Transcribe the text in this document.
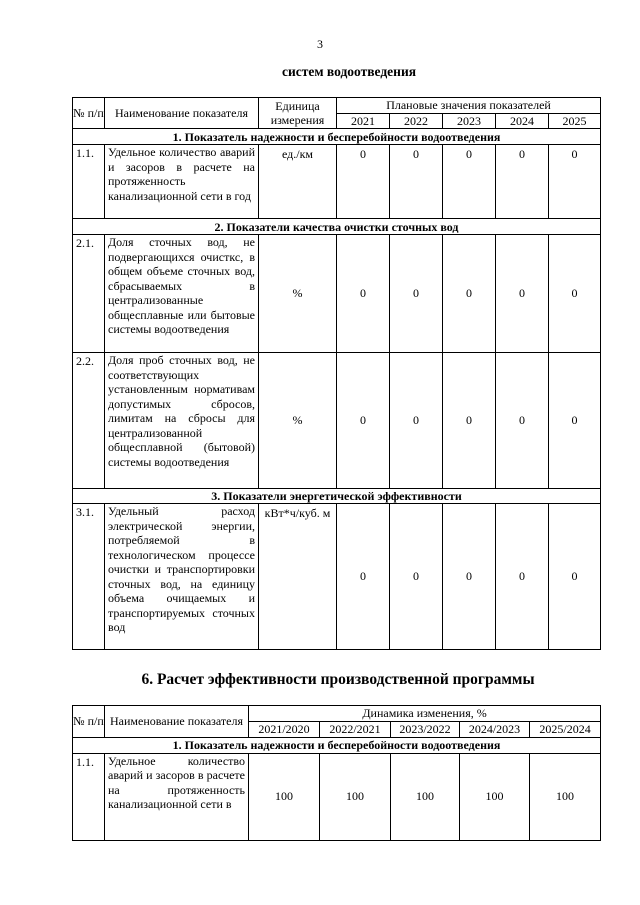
3
систем водоотведения
№ п/п	Наименование показателя	Единица измерения	Плановые значения показателей				
			2021	2022	2023	2024	2025
1. Показатель надежности и бесперебойности водоотведения							
1.1.	Удельное количество аварий и засоров в расчете на протяженность канализационной сети в год	ед./км	0	0	0	0	0
2. Показатели качества очистки сточных вод							
2.1.	Доля сточных вод, не подвергающихся очисткс, в общем объеме сточных вод, сбрасываемых в централизованные общесплавные или бытовые системы водоотведения	%	0	0	0	0	0
2.2.	Доля проб сточных вод, не соответствующих установленным нормативам допустимых сбросов, лимитам на сбросы для централизованной общесплавной (бытовой) системы водоотведения	%	0	0	0	0	0
3. Показатели энергетической эффективности							
3.1.	Удельный расход электрической энергии, потребляемой в технологическом процессе очистки и транспортировки сточных вод, на единицу объема очищаемых и транспортируемых сточных вод	кВт*ч/куб. м	0	0	0	0	0
6. Расчет эффективности производственной программы
№ п/п	Наименование показателя	Динамика изменения, %				
		2021/2020	2022/2021	2023/2022	2024/2023	2025/2024
1. Показатель надежности и бесперебойности водоотведения						
1.1.	Удельное количество аварий и засоров в расчете на протяженность канализационной сети в	100	100	100	100	100
